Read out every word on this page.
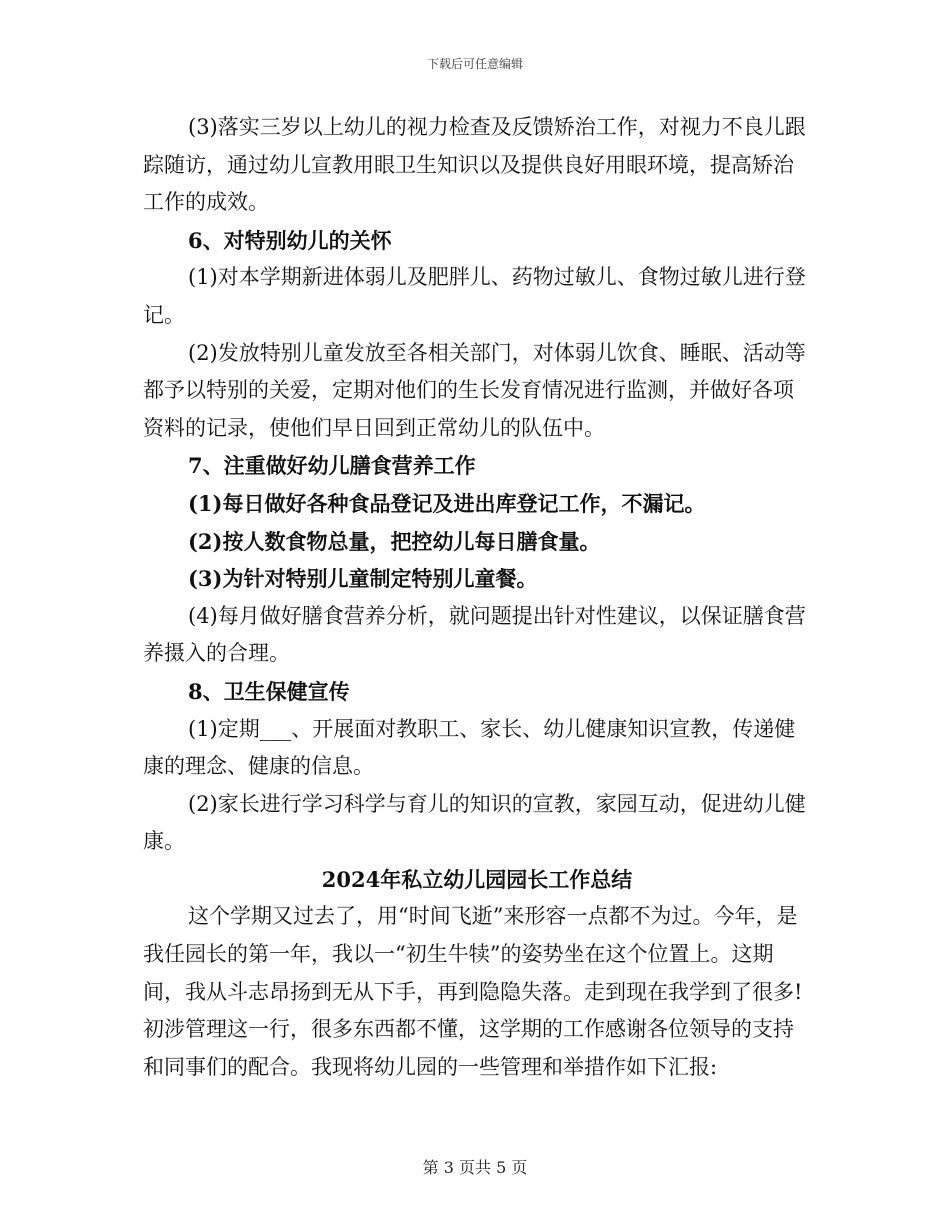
下载后可任意编辑

(3)落实三岁以上幼儿的视力检查及反馈矫治工作，对视力不良儿跟踪随访，通过幼儿宣教用眼卫生知识以及提供良好用眼环境，提高矫治工作的成效。

6、对特别幼儿的关怀

(1)对本学期新进体弱儿及肥胖儿、药物过敏儿、食物过敏儿进行登记。

(2)发放特别儿童发放至各相关部门，对体弱儿饮食、睡眠、活动等都予以特别的关爱，定期对他们的生长发育情况进行监测，并做好各项资料的记录，使他们早日回到正常幼儿的队伍中。

7、注重做好幼儿膳食营养工作

(1)每日做好各种食品登记及进出库登记工作，不漏记。

(2)按人数食物总量，把控幼儿每日膳食量。

(3)为针对特别儿童制定特别儿童餐。

(4)每月做好膳食营养分析，就问题提出针对性建议，以保证膳食营养摄入的合理。

8、卫生保健宣传

(1)定期___、开展面对教职工、家长、幼儿健康知识宣教，传递健康的理念、健康的信息。

(2)家长进行学习科学与育儿的知识的宣教，家园互动，促进幼儿健康。

2024年私立幼儿园园长工作总结

这个学期又过去了，用“时间飞逝”来形容一点都不为过。今年，是我任园长的第一年，我以一“初生牛犊”的姿势坐在这个位置上。这期间，我从斗志昂扬到无从下手，再到隐隐失落。走到现在我学到了很多!初涉管理这一行，很多东西都不懂，这学期的工作感谢各位领导的支持和同事们的配合。我现将幼儿园的一些管理和举措作如下汇报:

第 3 页共 5 页
